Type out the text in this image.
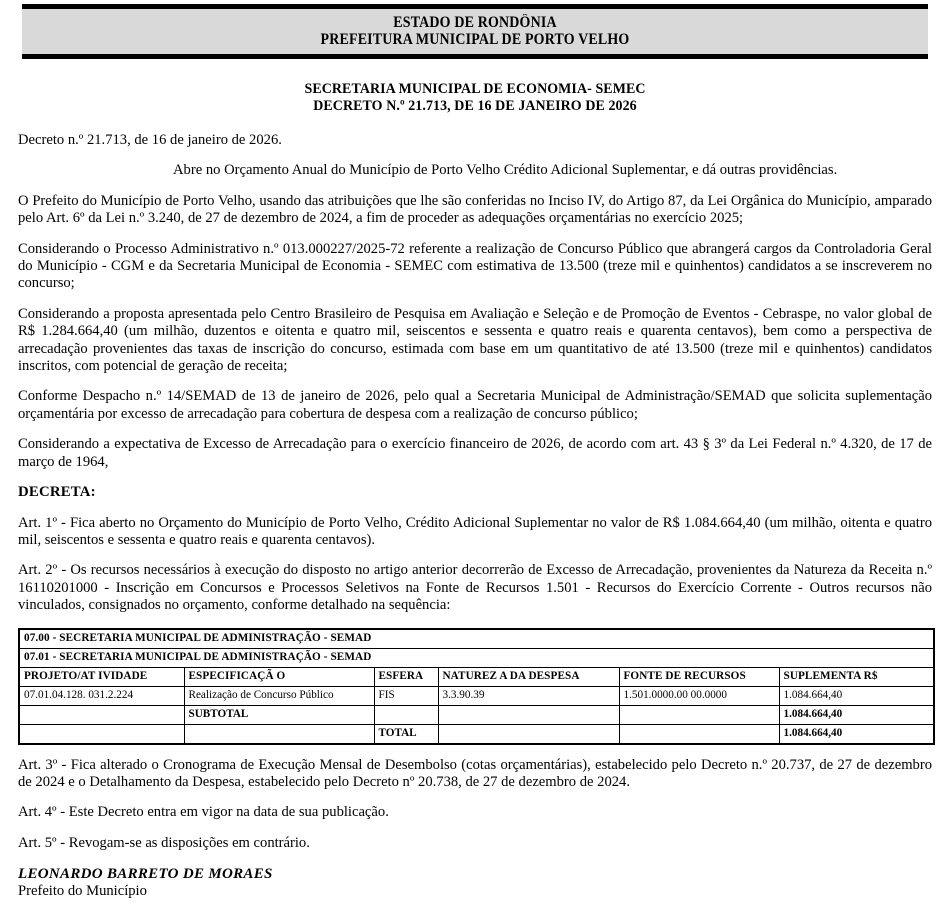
ESTADO DE RONDÔNIA
PREFEITURA MUNICIPAL DE PORTO VELHO
SECRETARIA MUNICIPAL DE ECONOMIA- SEMEC
DECRETO N.º 21.713, DE 16 DE JANEIRO DE 2026

Decreto n.º 21.713, de 16 de janeiro de 2026.

Abre no Orçamento Anual do Município de Porto Velho Crédito Adicional Suplementar, e dá outras providências.

O Prefeito do Município de Porto Velho, usando das atribuições que lhe são conferidas no Inciso IV, do Artigo 87, da Lei Orgânica do Município, amparado pelo Art. 6º da Lei n.º 3.240, de 27 de dezembro de 2024, a fim de proceder as adequações orçamentárias no exercício 2025;

Considerando o Processo Administrativo n.º 013.000227/2025-72 referente a realização de Concurso Público que abrangerá cargos da Controladoria Geral do Município - CGM e da Secretaria Municipal de Economia - SEMEC com estimativa de 13.500 (treze mil e quinhentos) candidatos a se inscreverem no concurso;

Considerando a proposta apresentada pelo Centro Brasileiro de Pesquisa em Avaliação e Seleção e de Promoção de Eventos - Cebraspe, no valor global de R$ 1.284.664,40 (um milhão, duzentos e oitenta e quatro mil, seiscentos e sessenta e quatro reais e quarenta centavos), bem como a perspectiva de arrecadação provenientes das taxas de inscrição do concurso, estimada com base em um quantitativo de até 13.500 (treze mil e quinhentos) candidatos inscritos, com potencial de geração de receita;

Conforme Despacho n.º 14/SEMAD de 13 de janeiro de 2026, pelo qual a Secretaria Municipal de Administração/SEMAD que solicita suplementação orçamentária por excesso de arrecadação para cobertura de despesa com a realização de concurso público;

Considerando a expectativa de Excesso de Arrecadação para o exercício financeiro de 2026, de acordo com art. 43 § 3º da Lei Federal n.º 4.320, de 17 de março de 1964,

DECRETA:

Art. 1º - Fica aberto no Orçamento do Município de Porto Velho, Crédito Adicional Suplementar no valor de R$ 1.084.664,40 (um milhão, oitenta e quatro mil, seiscentos e sessenta e quatro reais e quarenta centavos).

Art. 2º - Os recursos necessários à execução do disposto no artigo anterior decorrerão de Excesso de Arrecadação, provenientes da Natureza da Receita n.º 16110201000 - Inscrição em Concursos e Processos Seletivos na Fonte de Recursos 1.501 - Recursos do Exercício Corrente - Outros recursos não vinculados, consignados no orçamento, conforme detalhado na sequência:

07.00 - SECRETARIA MUNICIPAL DE ADMINISTRAÇÃO - SEMAD					
07.01 - SECRETARIA MUNICIPAL DE ADMINISTRAÇÃO - SEMAD					
PROJETO/AT IVIDADE	ESPECIFICAÇÃ O	ESFERA	NATUREZ A DA DESPESA	FONTE DE RECURSOS	SUPLEMENTA R$
07.01.04.128. 031.2.224	Realização de Concurso Público	FIS	3.3.90.39	1.501.0000.00 00.0000	1.084.664,40
	SUBTOTAL				1.084.664,40
		TOTAL			1.084.664,40

Art. 3º - Fica alterado o Cronograma de Execução Mensal de Desembolso (cotas orçamentárias), estabelecido pelo Decreto n.º 20.737, de 27 de dezembro de 2024 e o Detalhamento da Despesa, estabelecido pelo Decreto nº 20.738, de 27 de dezembro de 2024.

Art. 4º - Este Decreto entra em vigor na data de sua publicação.

Art. 5º - Revogam-se as disposições em contrário.

LEONARDO BARRETO DE MORAES
Prefeito do Município
